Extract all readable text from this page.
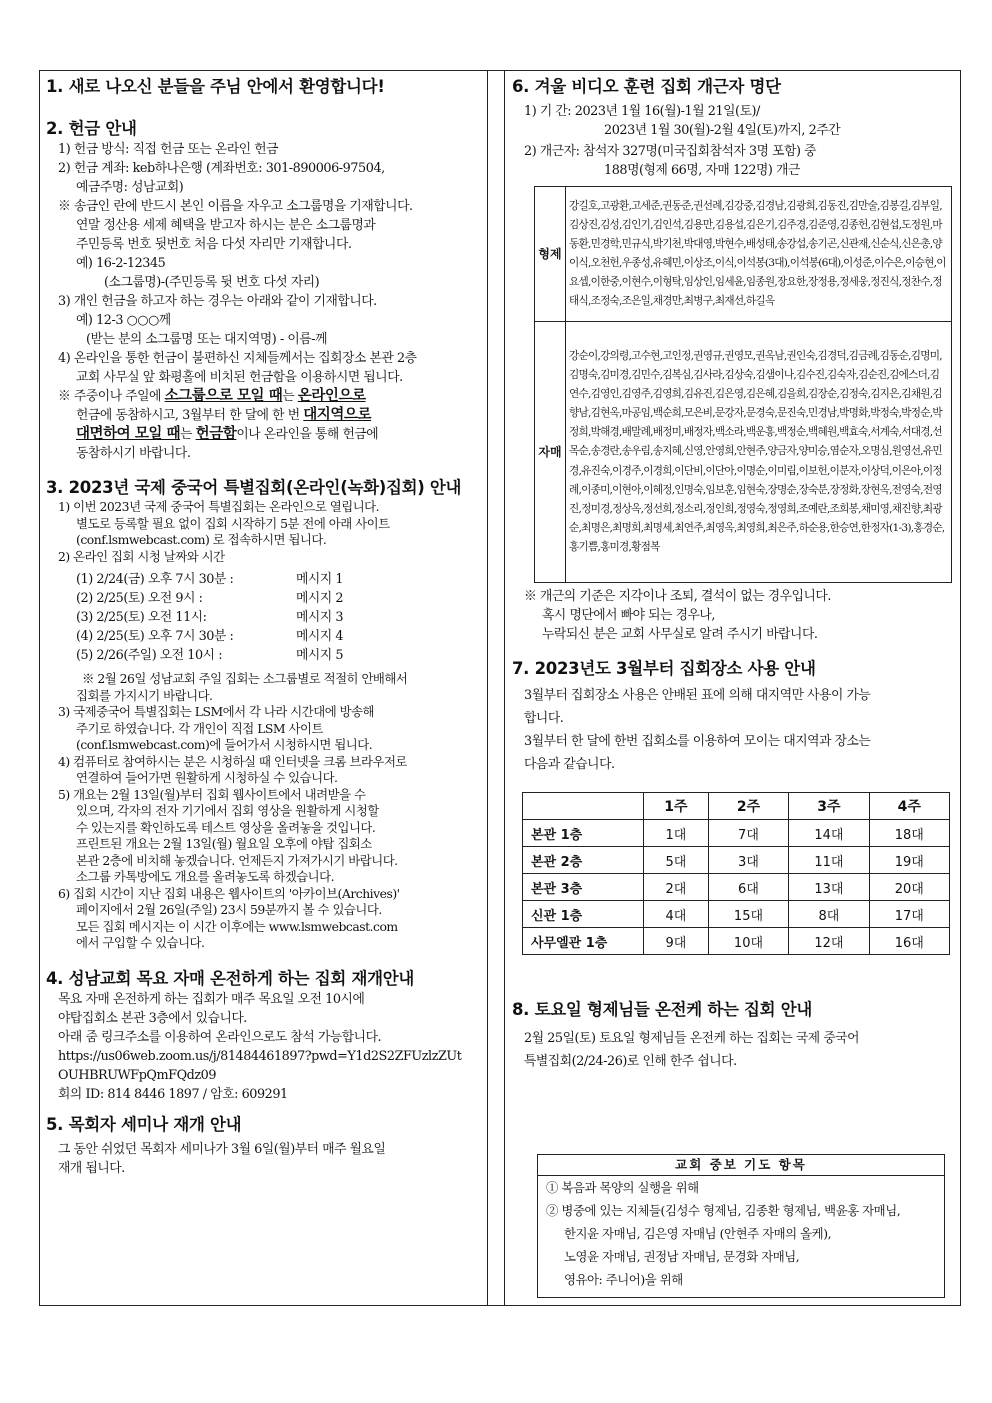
1. 새로 나오신 분들을 주님 안에서 환영합니다!
2. 헌금 안내
1) 헌금 방식: 직접 헌금 또는 온라인 헌금
2) 헌금 계좌: keb하나은행 (계좌번호: 301-890006-97504,
예금주명: 성남교회)
※ 송금인 란에 반드시 본인 이름을 자우고 소그룹명을 기재합니다.
연말 정산용 세제 혜택을 받고자 하시는 분은 소그룹명과
주민등록 번호 뒷번호 처음 다섯 자리만 기재합니다.
예) 16-2-12345
(소그룹명)-(주민등록 뒷 번호 다섯 자리)
3) 개인 헌금을 하고자 하는 경우는 아래와 같이 기재합니다.
예) 12-3 ○○○께
(받는 분의 소그룹명 또는 대지역명) - 이름-께
4) 온라인을 통한 헌금이 불편하신 지체들께서는 집회장소 본관 2층
교회 사무실 앞 화평홀에 비치된 헌금함을 이용하시면 됩니다.
※ 주중이나 주일에 소그룹으로 모일 때는 온라인으로
헌금에 동참하시고, 3월부터 한 달에 한 번 대지역으로
대면하여 모일 때는 헌금함이나 온라인을 통해 헌금에
동참하시기 바랍니다.
3. 2023년 국제 중국어 특별집회(온라인(녹화)집회) 안내
1) 이번 2023년 국제 중국어 특별집회는 온라인으로 열립니다.
별도로 등록할 필요 없이 집회 시작하기 5분 전에 아래 사이트
(conf.lsmwebcast.com) 로 접속하시면 됩니다.
2) 온라인 집회 시청 날짜와 시간
(1) 2/24(금) 오후 7시 30분 :	메시지 1
(2) 2/25(토) 오전 9시 :	메시지 2
(3) 2/25(토) 오전 11시:	메시지 3
(4) 2/25(토) 오후 7시 30분 :	메시지 4
(5) 2/26(주일) 오전 10시 :	메시지 5
※ 2월 26일 성남교회 주일 집회는 소그룹별로 적절히 안배해서
집회를 가지시기 바랍니다.
3) 국제중국어 특별집회는 LSM에서 각 나라 시간대에 방송해
주기로 하였습니다. 각 개인이 직접 LSM 사이트
(conf.lsmwebcast.com)에 들어가서 시청하시면 됩니다.
4) 컴퓨터로 참여하시는 분은 시청하실 때 인터넷을 크롬 브라우저로
연결하여 들어가면 원활하게 시청하실 수 있습니다.
5) 개요는 2월 13일(월)부터 집회 웹사이트에서 내려받을 수
있으며, 각자의 전자 기기에서 집회 영상을 원활하게 시청할
수 있는지를 확인하도록 테스트 영상을 올려놓을 것입니다.
프린트된 개요는 2월 13일(월) 월요일 오후에 야탑 집회소
본관 2층에 비치해 놓겠습니다. 언제든지 가져가시기 바랍니다.
소그룹 카톡방에도 개요를 올려놓도록 하겠습니다.
6) 집회 시간이 지난 집회 내용은 웹사이트의 '아카이브(Archives)'
페이지에서 2월 26일(주일) 23시 59분까지 볼 수 있습니다.
모든 집회 메시지는 이 시간 이후에는 www.lsmwebcast.com
에서 구입할 수 있습니다.
4. 성남교회 목요 자매 온전하게 하는 집회 재개안내
목요 자매 온전하게 하는 집회가 매주 목요일 오전 10시에
야탑집회소 본관 3층에서 있습니다.
아래 줌 링크주소를 이용하여 온라인으로도 참석 가능합니다.
https://us06web.zoom.us/j/81484461897?pwd=Y1d2S2ZFUzlzZUt
OUHBRUWFpQmFQdz09
회의 ID: 814 8446 1897 / 암호: 609291
5. 목회자 세미나 재개 안내
그 동안 쉬었던 목회자 세미나가 3월 6일(월)부터 매주 월요일
재개 됩니다.
6. 겨울 비디오 훈련 집회 개근자 명단
1) 기 간: 2023년 1월 16(월)-1월 21일(토)/
2023년 1월 30(월)-2월 4일(토)까지, 2주간
2) 개근자: 참석자 327명(미국집회참석자 3명 포함) 중
188명(형제 66명, 자매 122명) 개근
형제	강길호,고광환,고세준,권동준,권선례,김강중,김경남,김광희,김동진,김만술,김봉길,김부일,김상진,김성,김인기,김인석,김용만,김용섭,김은기,김주경,김준영,김종헌,김현섭,도정원,마동환,민경학,민규식,박기천,박대영,박현수,배성태,송강섭,송기곤,신관재,신순식,신은총,양이식,오천헌,우종성,유혜민,이상조,이식,이석봉(3대),이석봉(6대),이성준,이수은,이승현,이요셉,이한중,이현수,이형탁,임상인,임세윤,임종원,장요한,장정용,정세웅,정진식,정찬수,정태식,조정숙,조은일,채경만,최병구,최재선,하길옥
자매	강순이,강의령,고수현,고인정,권영규,권영모,권옥남,권인숙,김경덕,김금례,김동순,김명미,김명숙,김미경,김민수,김복심,김사라,김상숙,김샘이나,김수진,김숙자,김순진,김에스더,김연수,김영인,김영주,김영희,김유진,김은영,김은혜,김을희,김장순,김정숙,김지은,김채원,김향남,김현옥,마공임,백순희,모은비,문강자,문경숙,문진숙,민경남,박명화,박정숙,박정순,박정희,박해경,배말례,배정미,배정자,백소라,백운홍,백정순,백혜원,백효숙,서계숙,서대경,선목순,송경란,송우림,송지혜,신영,안영희,안현주,양금자,양미승,염순자,오명심,원영선,유민경,유진숙,이경주,이경희,이단비,이단아,이명순,이미림,이보헌,이분자,이상덕,이은아,이정례,이종미,이현아,이혜정,인명숙,임보훈,임현숙,장명순,장숙분,장정화,장현옥,전영숙,전영진,정미경,정상옥,정선희,정소리,정인희,정영숙,정영희,조예란,조희봉,채미영,채진향,최광순,최명은,최명희,최명세,최연주,최영옥,최영희,최은주,하순용,한승연,한정자(1-3),홍경순,홍기쁨,홍미경,황점복
※ 개근의 기준은 지각이나 조퇴, 결석이 없는 경우입니다.
혹시 명단에서 빠야 되는 경우나,
누락되신 분은 교회 사무실로 알려 주시기 바랍니다.
7. 2023년도 3월부터 집회장소 사용 안내
3월부터 집회장소 사용은 안배된 표에 의해 대지역만 사용이 가능
합니다.
3월부터 한 달에 한번 집회소를 이용하여 모이는 대지역과 장소는
다음과 같습니다.
	1주	2주	3주	4주
본관 1층	1대	7대	14대	18대
본관 2층	5대	3대	11대	19대
본관 3층	2대	6대	13대	20대
신관 1층	4대	15대	8대	17대
사무엘관 1층	9대	10대	12대	16대
8. 토요일 형제님들 온전케 하는 집회 안내
2월 25일(토) 토요일 형제님들 온전케 하는 집회는 국제 중국어
특별집회(2/24-26)로 인해 한주 쉽니다.
교회 중보 기도 항목
① 복음과 목양의 실행을 위해
② 병중에 있는 지체들(김성수 형제님, 김종환 형제님, 백윤홍 자매님,
한지윤 자매님, 김은영 자매님 (안현주 자매의 올케),
노영윤 자매님, 권정남 자매님, 문경화 자매님,
영유아: 주니어)을 위해
